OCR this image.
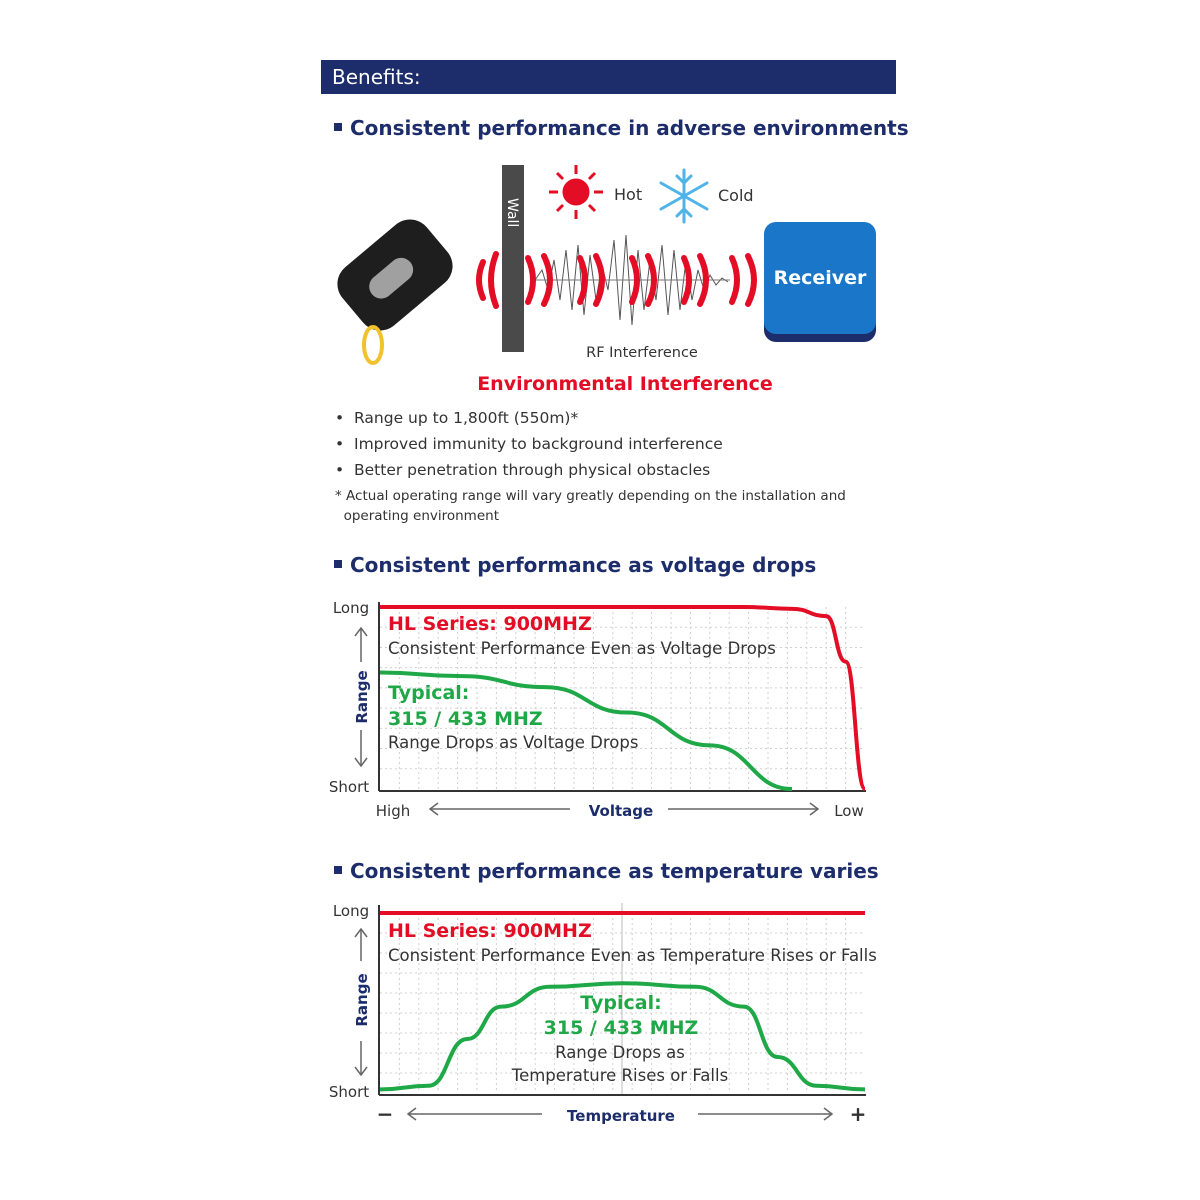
Benefits:
Consistent performance in adverse environments
Wall
Hot	Cold
Receiver
RF Interference
Environmental Interference
•  Range up to 1,800ft (550m)*
•  Improved immunity to background interference
•  Better penetration through physical obstacles
* Actual operating range will vary greatly depending on the installation and
operating environment
Consistent performance as voltage drops
Long
Short
Range
High	Low
Voltage
HL Series: 900MHZ
Consistent Performance Even as Voltage Drops
Typical:
315 / 433 MHZ
Range Drops as Voltage Drops
Consistent performance as temperature varies
Long
Short
Range
−	+
Temperature
HL Series: 900MHZ
Consistent Performance Even as Temperature Rises or Falls
Typical:
315 / 433 MHZ
Range Drops as
Temperature Rises or Falls
